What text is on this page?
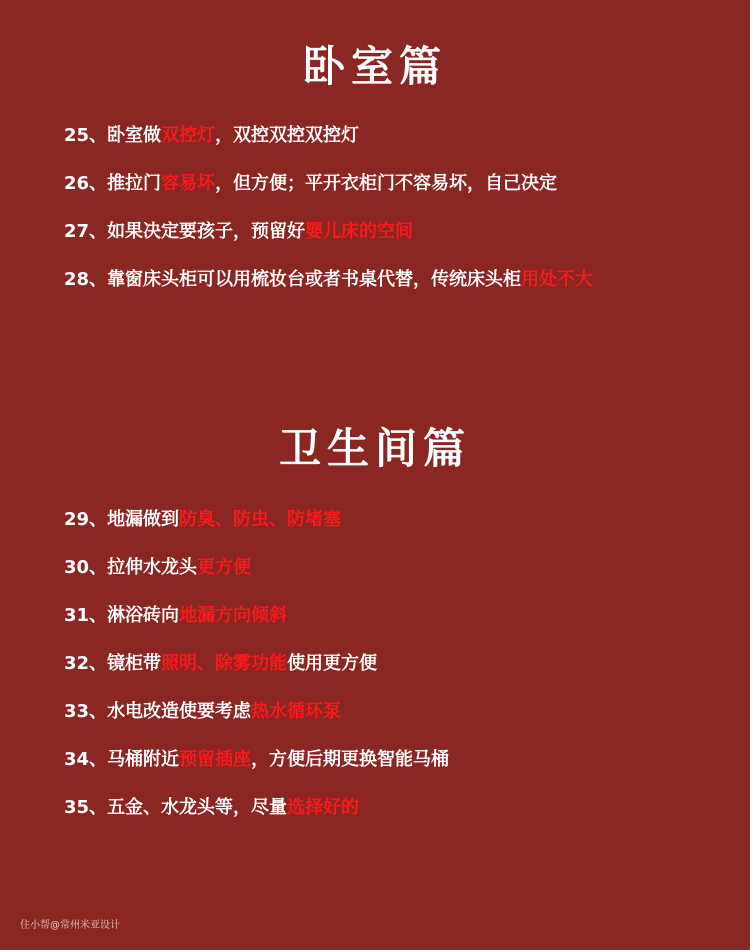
卧室篇
25、卧室做双控灯，双控双控双控灯
26、推拉门容易坏，但方便；平开衣柜门不容易坏，自己决定
27、如果决定要孩子，预留好婴儿床的空间
28、靠窗床头柜可以用梳妆台或者书桌代替，传统床头柜用处不大
卫生间篇
29、地漏做到防臭、防虫、防堵塞
30、拉伸水龙头更方便
31、淋浴砖向地漏方向倾斜
32、镜柜带照明、除雾功能使用更方便
33、水电改造使要考虑热水循环泵
34、马桶附近预留插座，方便后期更换智能马桶
35、五金、水龙头等，尽量选择好的
住小帮@常州米亚设计
